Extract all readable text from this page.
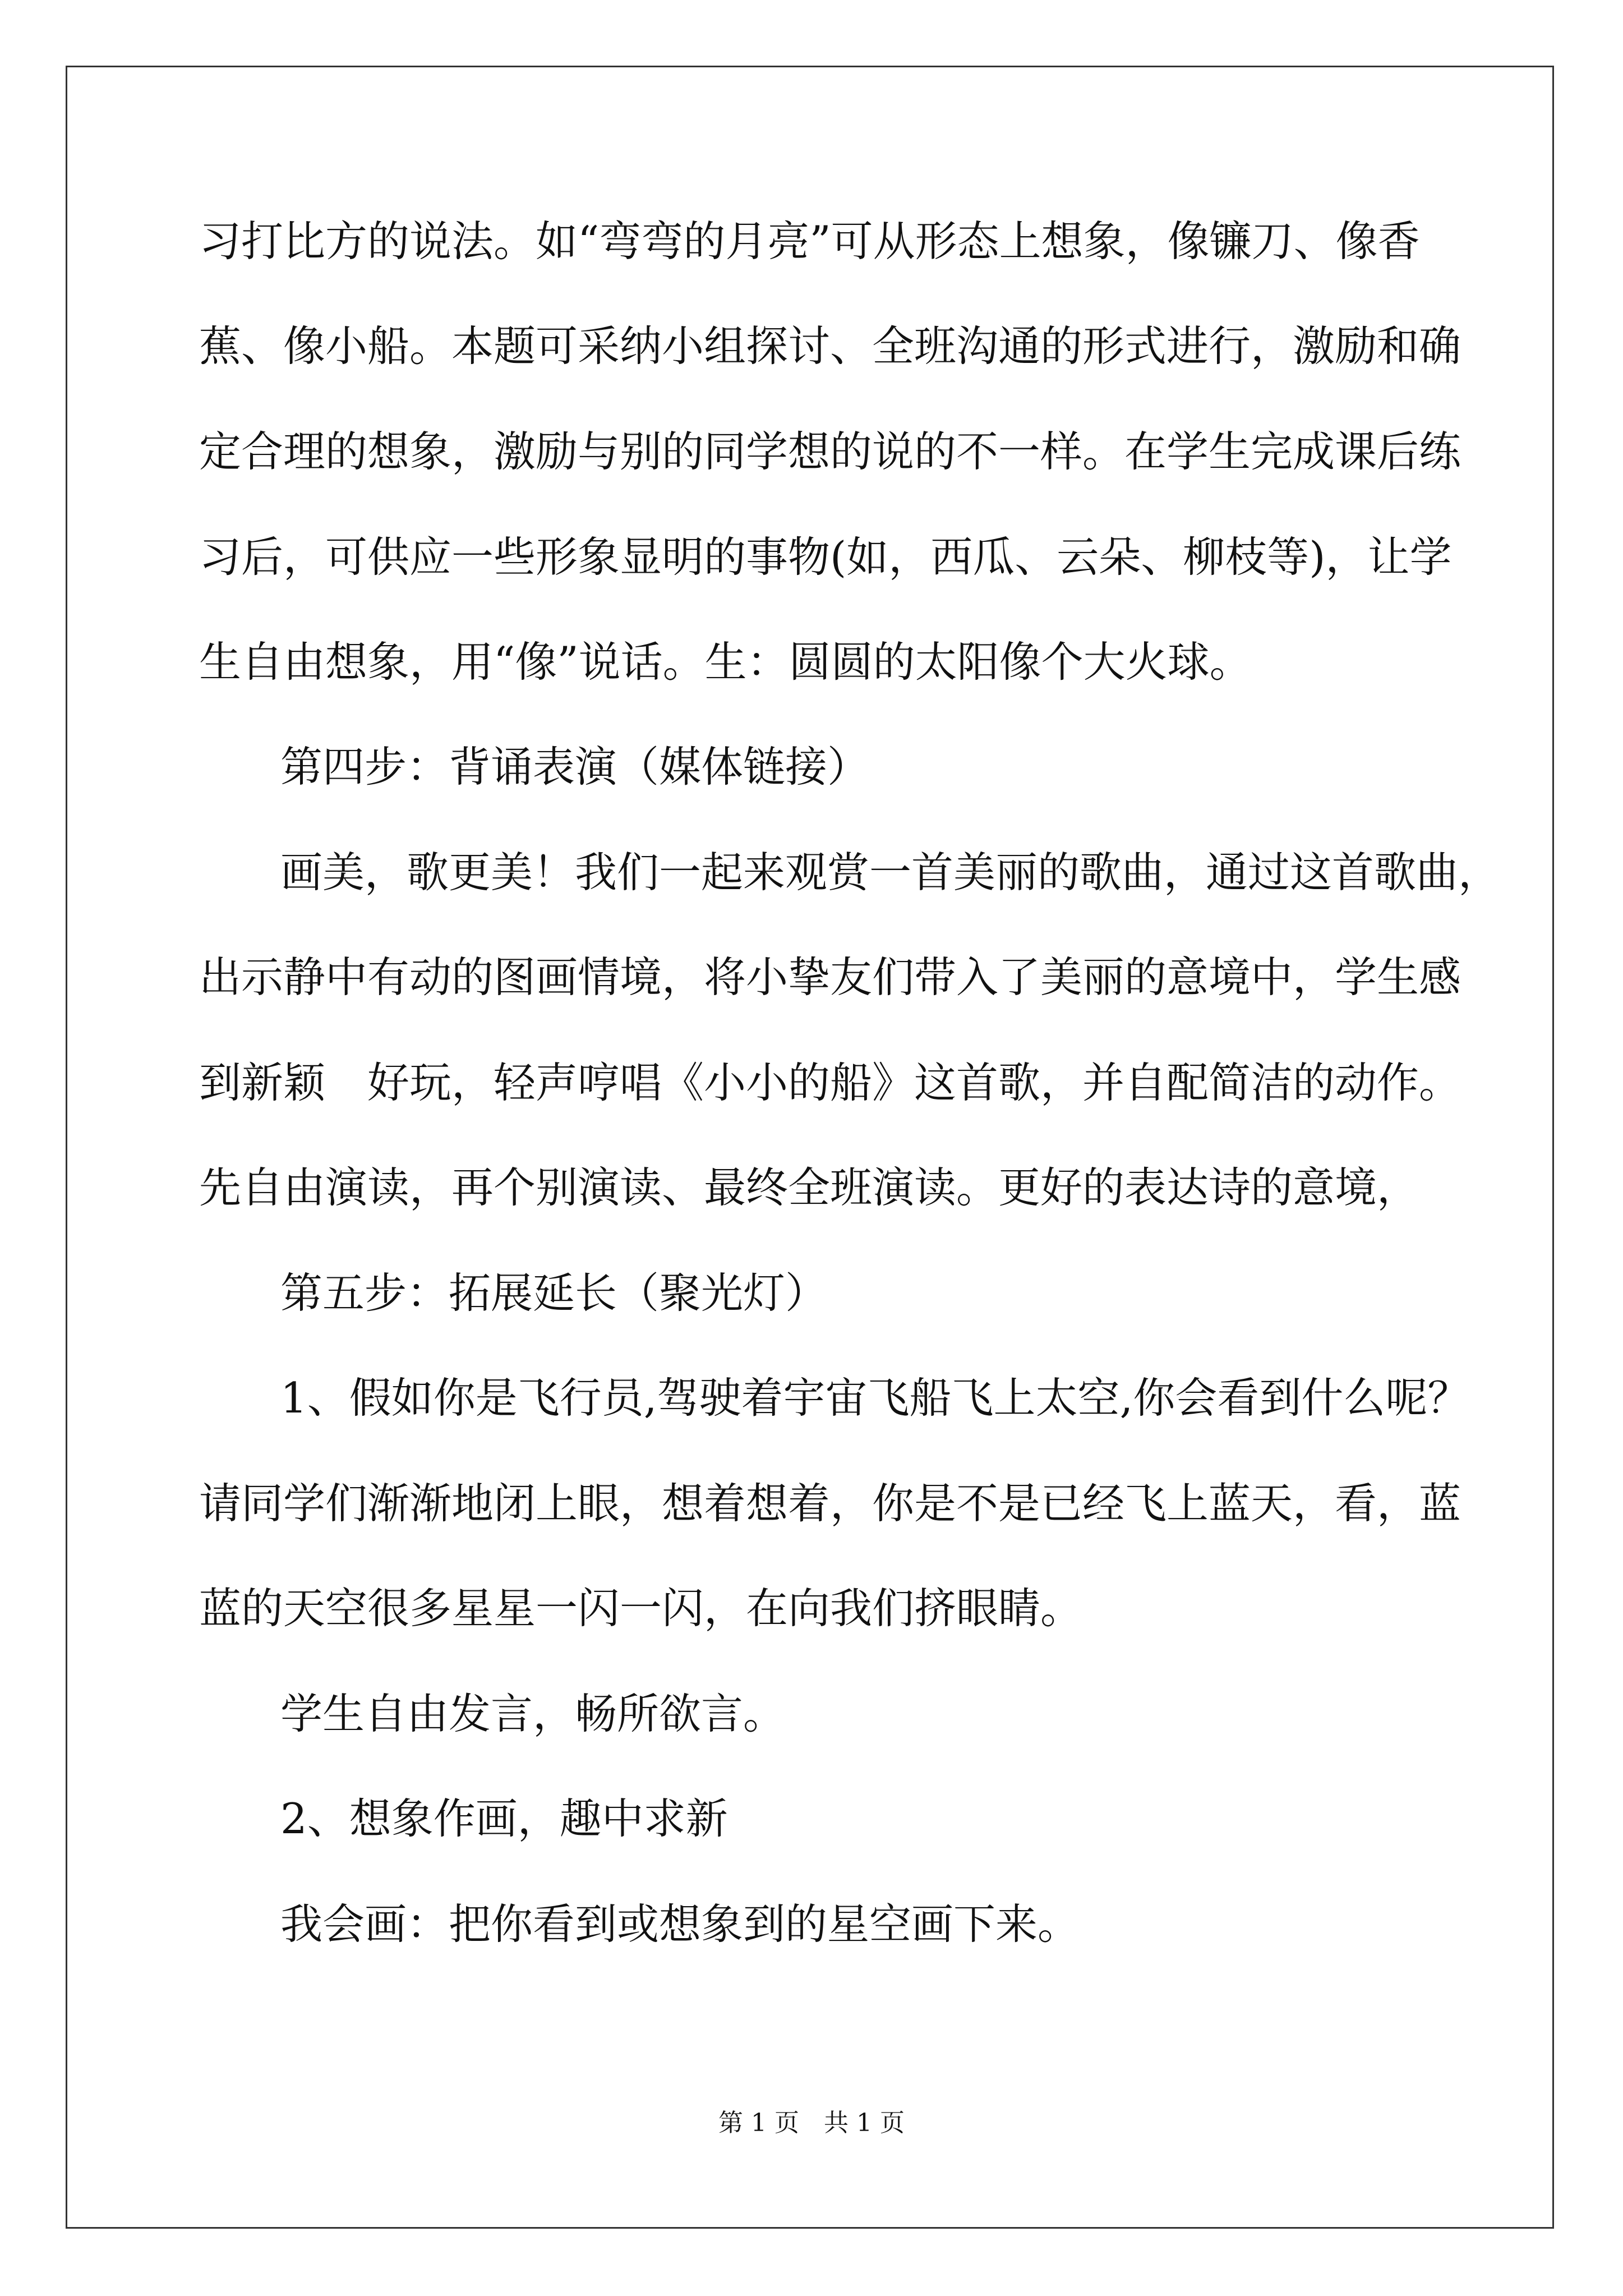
习打比方的说法。如“弯弯的月亮”可从形态上想象，像镰刀、像香

蕉、像小船。本题可采纳小组探讨、全班沟通的形式进行，激励和确

定合理的想象，激励与别的同学想的说的不一样。在学生完成课后练

习后，可供应一些形象显明的事物(如，西瓜、云朵、柳枝等)，让学

生自由想象，用“像”说话。生：圆圆的太阳像个大火球。

第四步：背诵表演（媒体链接）

画美，歌更美！我们一起来观赏一首美丽的歌曲，通过这首歌曲，

出示静中有动的图画情境，将小挚友们带入了美丽的意境中，学生感

到新颖　好玩，轻声哼唱《小小的船》这首歌，并自配简洁的动作。

先自由演读，再个别演读、最终全班演读。更好的表达诗的意境，

第五步：拓展延长（聚光灯）

1、假如你是飞行员,驾驶着宇宙飞船飞上太空,你会看到什么呢？

请同学们渐渐地闭上眼，想着想着，你是不是已经飞上蓝天，看，蓝

蓝的天空很多星星一闪一闪，在向我们挤眼睛。

学生自由发言，畅所欲言。

2、想象作画，趣中求新

我会画：把你看到或想象到的星空画下来。

第 1 页　共 1 页
